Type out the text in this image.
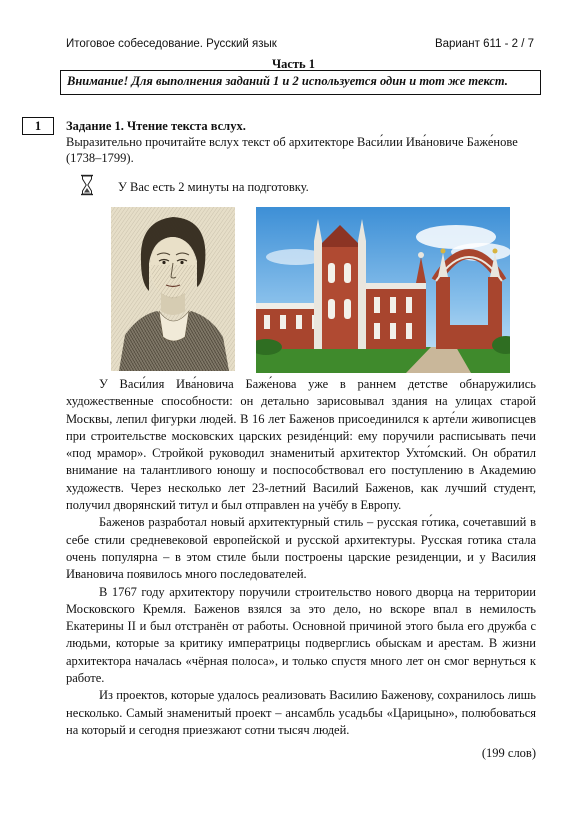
Итоговое собеседование. Русский язык	Вариант 611 - 2 / 7
Часть 1
Внимание! Для выполнения заданий 1 и 2 используется один и тот же текст.
1	Задание 1. Чтение текста вслух.
Выразительно прочитайте вслух текст об архитекторе Васи́лии Ива́новиче Баже́нове (1738–1799).
У Вас есть 2 минуты на подготовку.

У Васи́лия Ива́новича Баже́нова уже в раннем детстве обнаружились художественные способности: он детально зарисовывал здания на улицах старой Москвы, лепил фигурки людей. В 16 лет Баженов присоединился к арте́ли живописцев при строительстве московских царских резиде́нций: ему поручили расписывать печи «под мрамор». Стройкой руководил знаменитый архитектор Ухто́мский. Он обратил внимание на талантливого юношу и поспособствовал его поступлению в Академию художеств. Через несколько лет 23-летний Василий Баженов, как лучший студент, получил дворянский титул и был отправлен на учёбу в Европу.

Баженов разработал новый архитектурный стиль – русская го́тика, сочетавший в себе стили средневековой европейской и русской архитектуры. Русская готика стала очень популярна – в этом стиле были построены царские резиденции, и у Василия Ивановича появилось много последователей.

В 1767 году архитектору поручили строительство нового дворца на территории Московского Кремля. Баженов взялся за это дело, но вскоре впал в немилость Екатерины II и был отстранён от работы. Основной причиной этого была его дружба с людьми, которые за критику императрицы подверглись обыскам и арестам. В жизни архитектора началась «чёрная полоса», и только спустя много лет он смог вернуться к работе.

Из проектов, которые удалось реализовать Василию Баженову, сохранилось лишь несколько. Самый знаменитый проект – ансамбль усадьбы «Царицыно», полюбоваться на который и сегодня приезжают сотни тысяч людей.

(199 слов)
